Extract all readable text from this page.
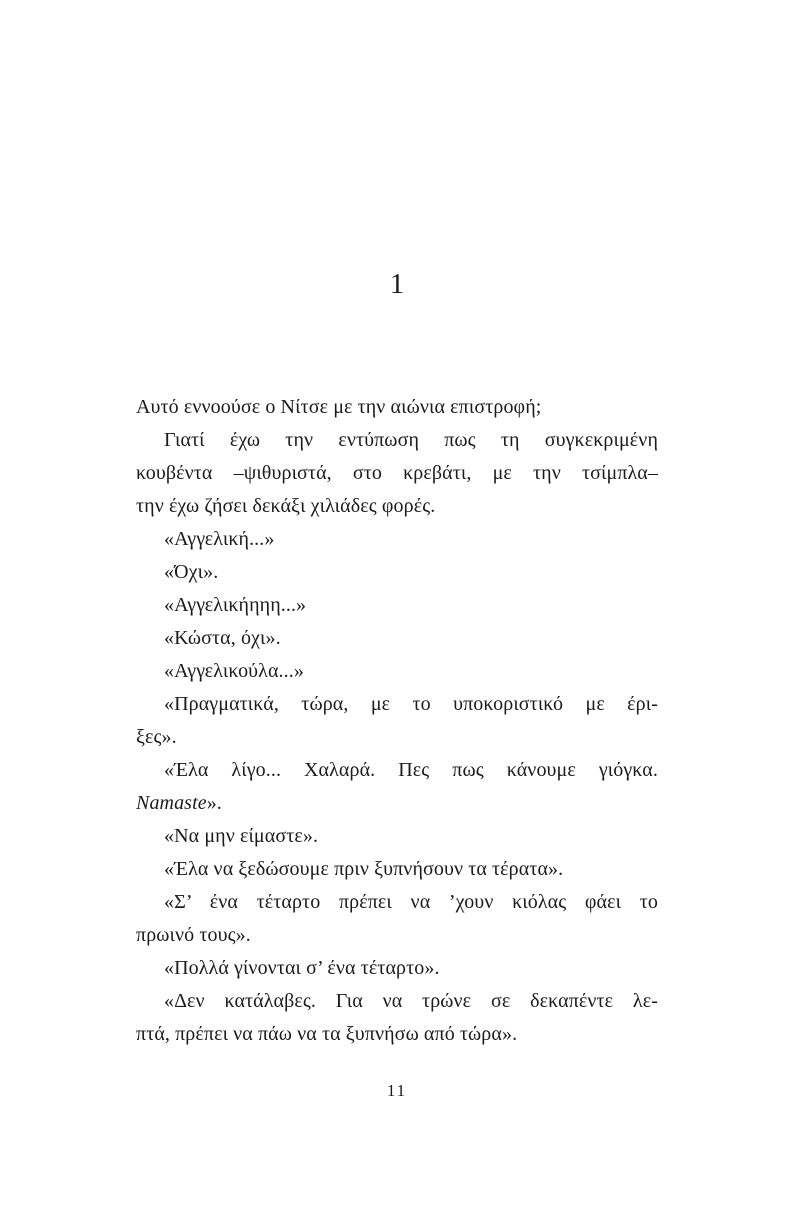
1
Αυτό εννοούσε ο Νίτσε με την αιώνια επιστροφή;
Γιατί έχω την εντύπωση πως τη συγκεκριμένη
κουβέντα –ψιθυριστά, στο κρεβάτι, με την τσίμπλα–
την έχω ζήσει δεκάξι χιλιάδες φορές.
«Αγγελική...»
«Όχι».
«Αγγελικήηηη...»
«Κώστα, όχι».
«Αγγελικούλα...»
«Πραγματικά, τώρα, με το υποκοριστικό με έρι-
ξες».
«Έλα λίγο... Χαλαρά. Πες πως κάνουμε γιόγκα.
Namaste».
«Να μην είμαστε».
«Έλα να ξεδώσουμε πριν ξυπνήσουν τα τέρατα».
«Σ’ ένα τέταρτο πρέπει να ’χουν κιόλας φάει το
πρωινό τους».
«Πολλά γίνονται σ’ ένα τέταρτο».
«Δεν κατάλαβες. Για να τρώνε σε δεκαπέντε λε-
πτά, πρέπει να πάω να τα ξυπνήσω από τώρα».
11
